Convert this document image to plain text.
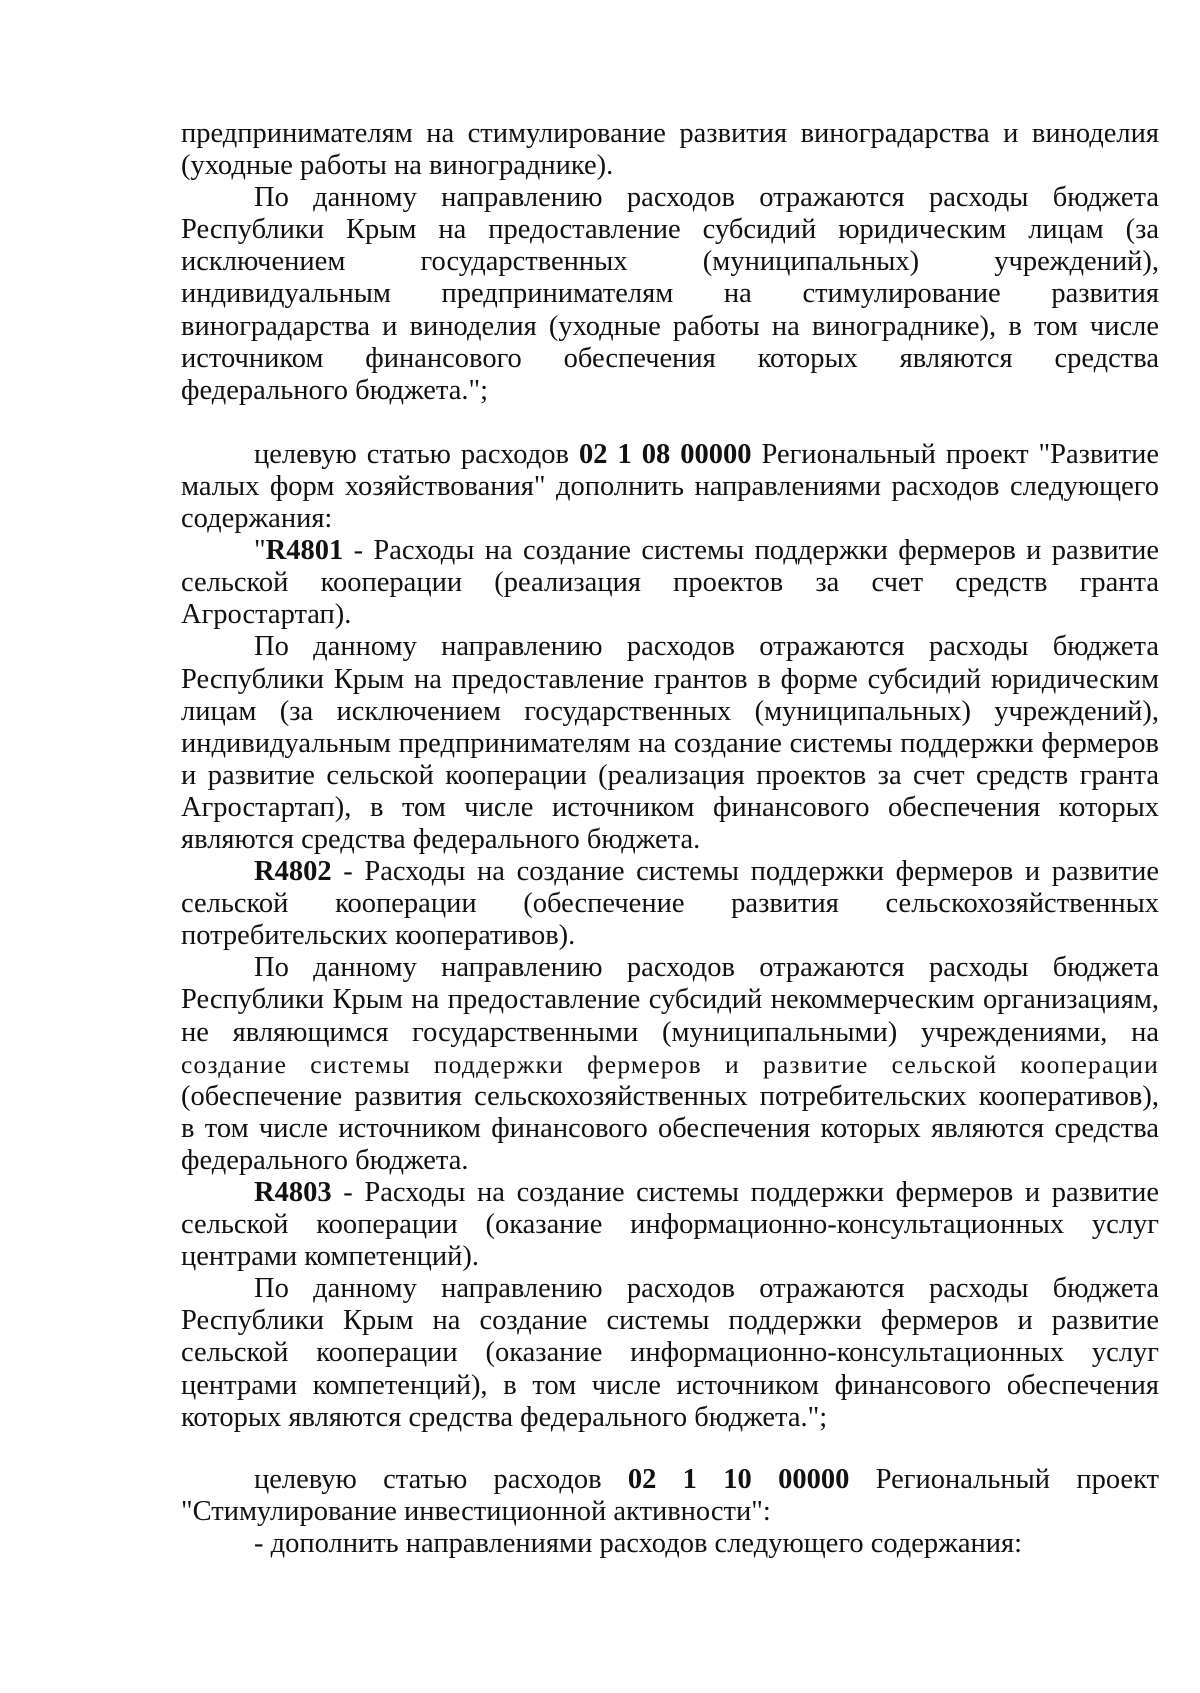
предпринимателям на стимулирование развития виноградарства и виноделия (уходные работы на винограднике).

По данному направлению расходов отражаются расходы бюджета Республики Крым на предоставление субсидий юридическим лицам (за исключением государственных (муниципальных) учреждений), индивидуальным предпринимателям на стимулирование развития виноградарства и виноделия (уходные работы на винограднике), в том числе источником финансового обеспечения которых являются средства федерального бюджета.";

целевую статью расходов 02 1 08 00000 Региональный проект "Развитие малых форм хозяйствования" дополнить направлениями расходов следующего содержания:

"R4801 - Расходы на создание системы поддержки фермеров и развитие сельской кооперации (реализация проектов за счет средств гранта Агростартап).

По данному направлению расходов отражаются расходы бюджета Республики Крым на предоставление грантов в форме субсидий юридическим лицам (за исключением государственных (муниципальных) учреждений), индивидуальным предпринимателям на создание системы поддержки фермеров и развитие сельской кооперации (реализация проектов за счет средств гранта Агростартап), в том числе источником финансового обеспечения которых являются средства федерального бюджета.

R4802 - Расходы на создание системы поддержки фермеров и развитие сельской кооперации (обеспечение развития сельскохозяйственных потребительских кооперативов).

По данному направлению расходов отражаются расходы бюджета Республики Крым на предоставление субсидий некоммерческим организациям, не являющимся государственными (муниципальными) учреждениями, на создание системы поддержки фермеров и развитие сельской кооперации (обеспечение развития сельскохозяйственных потребительских кооперативов), в том числе источником финансового обеспечения которых являются средства федерального бюджета.

R4803 - Расходы на создание системы поддержки фермеров и развитие сельской кооперации (оказание информационно-консультационных услуг центрами компетенций).

По данному направлению расходов отражаются расходы бюджета Республики Крым на создание системы поддержки фермеров и развитие сельской кооперации (оказание информационно-консультационных услуг центрами компетенций), в том числе источником финансового обеспечения которых являются средства федерального бюджета.";

целевую статью расходов 02 1 10 00000 Региональный проект "Стимулирование инвестиционной активности":

- дополнить направлениями расходов следующего содержания:
